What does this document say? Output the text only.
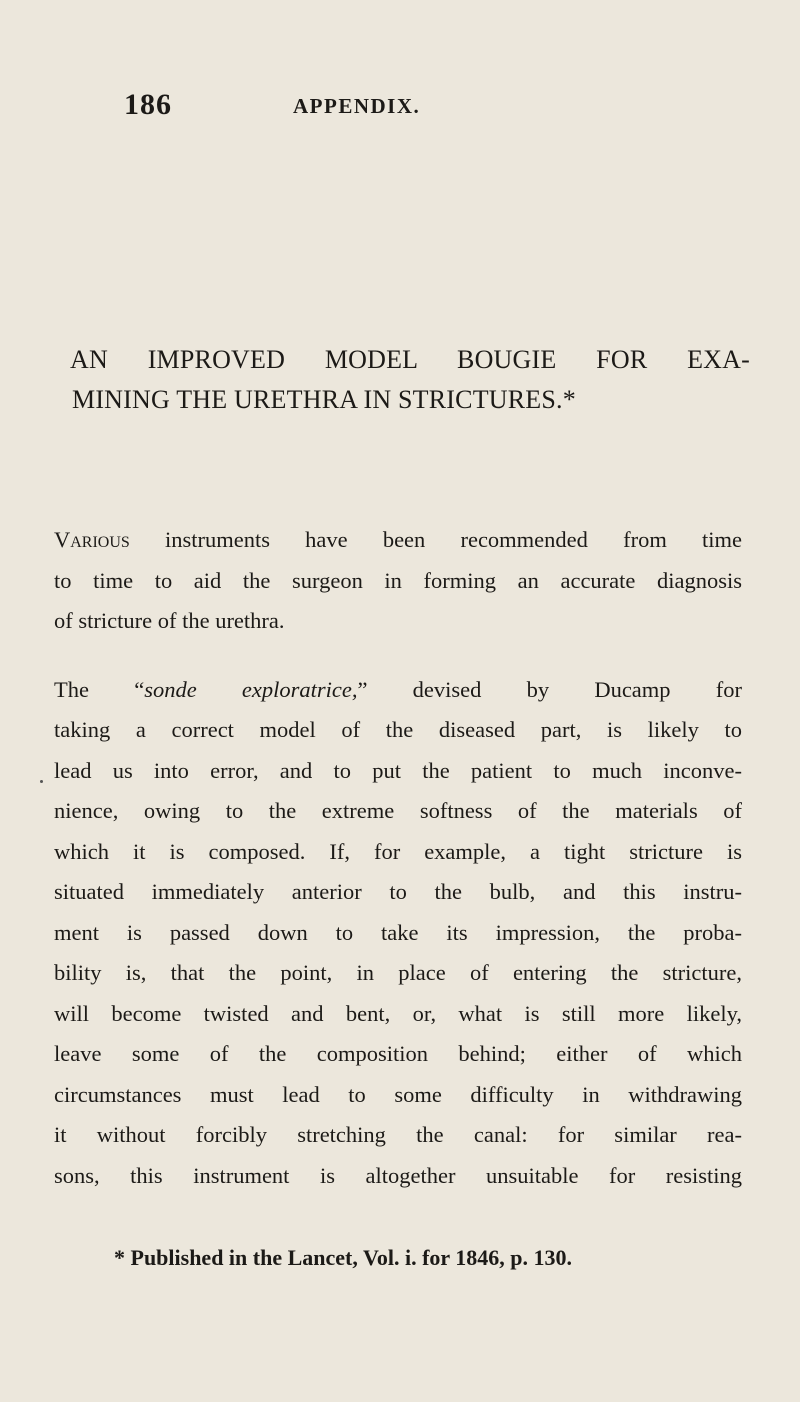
186	APPENDIX.
AN IMPROVED MODEL BOUGIE FOR EXA-
MINING THE URETHRA IN STRICTURES.*

Various instruments have been recommended from time
to time to aid the surgeon in forming an accurate diagnosis
of stricture of the urethra.

The “sonde exploratrice,” devised by Ducamp for
taking a correct model of the diseased part, is likely to
lead us into error, and to put the patient to much inconve-
nience, owing to the extreme softness of the materials of
which it is composed. If, for example, a tight stricture is
situated immediately anterior to the bulb, and this instru-
ment is passed down to take its impression, the proba-
bility is, that the point, in place of entering the stricture,
will become twisted and bent, or, what is still more likely,
leave some of the composition behind; either of which
circumstances must lead to some difficulty in withdrawing
it without forcibly stretching the canal: for similar rea-
sons, this instrument is altogether unsuitable for resisting

* Published in the Lancet, Vol. i. for 1846, p. 130.
